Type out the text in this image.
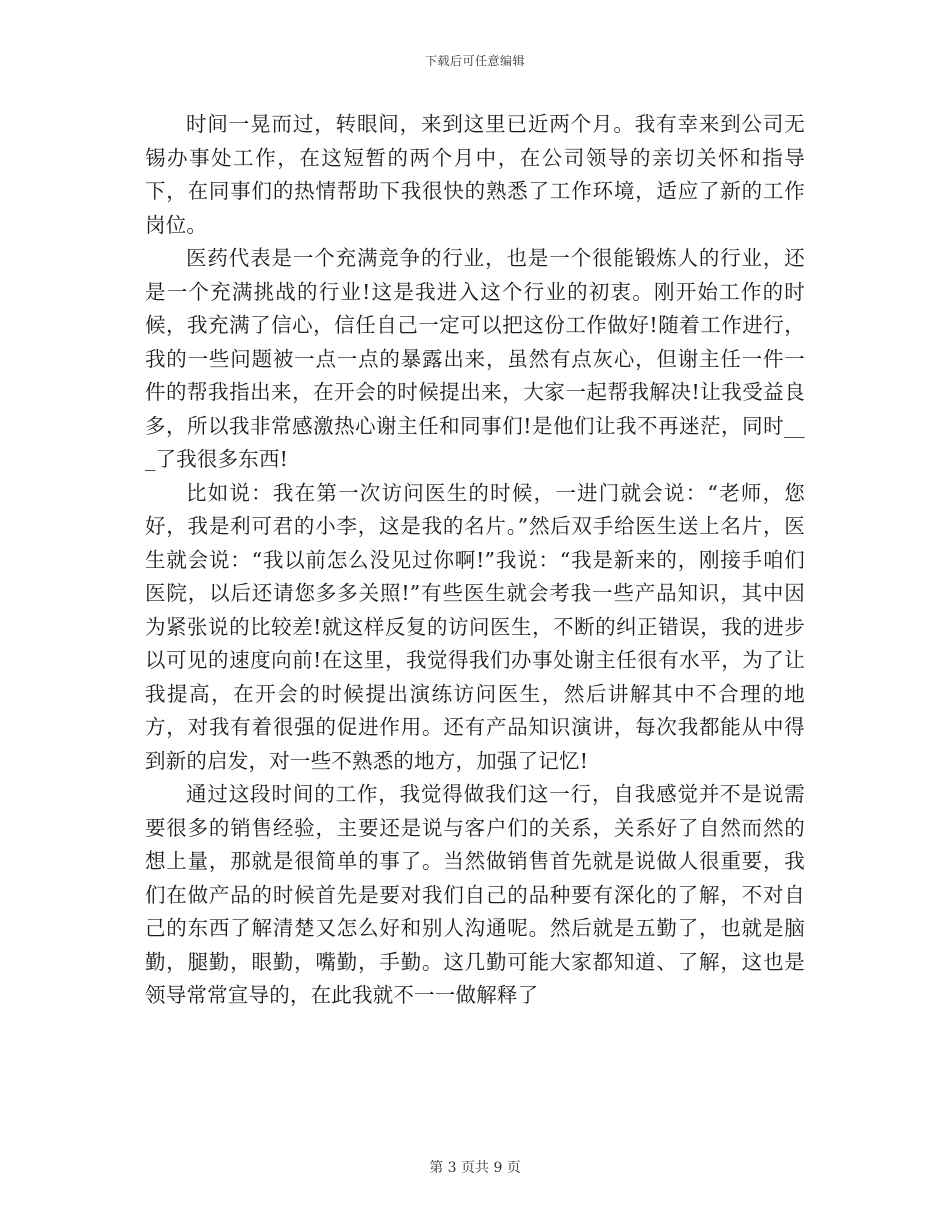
下载后可任意编辑

时间一晃而过，转眼间，来到这里已近两个月。我有幸来到公司无锡办事处工作，在这短暂的两个月中，在公司领导的亲切关怀和指导下，在同事们的热情帮助下我很快的熟悉了工作环境，适应了新的工作岗位。

医药代表是一个充满竞争的行业，也是一个很能锻炼人的行业，还是一个充满挑战的行业!这是我进入这个行业的初衷。刚开始工作的时候，我充满了信心，信任自己一定可以把这份工作做好!随着工作进行，我的一些问题被一点一点的暴露出来，虽然有点灰心，但谢主任一件一件的帮我指出来，在开会的时候提出来，大家一起帮我解决!让我受益良多，所以我非常感激热心谢主任和同事们!是他们让我不再迷茫，同时___了我很多东西!

比如说：我在第一次访问医生的时候，一进门就会说：“老师，您好，我是利可君的小李，这是我的名片。”然后双手给医生送上名片，医生就会说：“我以前怎么没见过你啊!”我说：“我是新来的，刚接手咱们医院，以后还请您多多关照!”有些医生就会考我一些产品知识，其中因为紧张说的比较差!就这样反复的访问医生，不断的纠正错误，我的进步以可见的速度向前!在这里，我觉得我们办事处谢主任很有水平，为了让我提高，在开会的时候提出演练访问医生，然后讲解其中不合理的地方，对我有着很强的促进作用。还有产品知识演讲，每次我都能从中得到新的启发，对一些不熟悉的地方，加强了记忆!

通过这段时间的工作，我觉得做我们这一行，自我感觉并不是说需要很多的销售经验，主要还是说与客户们的关系，关系好了自然而然的想上量，那就是很简单的事了。当然做销售首先就是说做人很重要，我们在做产品的时候首先是要对我们自己的品种要有深化的了解，不对自己的东西了解清楚又怎么好和别人沟通呢。然后就是五勤了，也就是脑勤，腿勤，眼勤，嘴勤，手勤。这几勤可能大家都知道、了解，这也是领导常常宣导的，在此我就不一一做解释了

第 3 页共 9 页
